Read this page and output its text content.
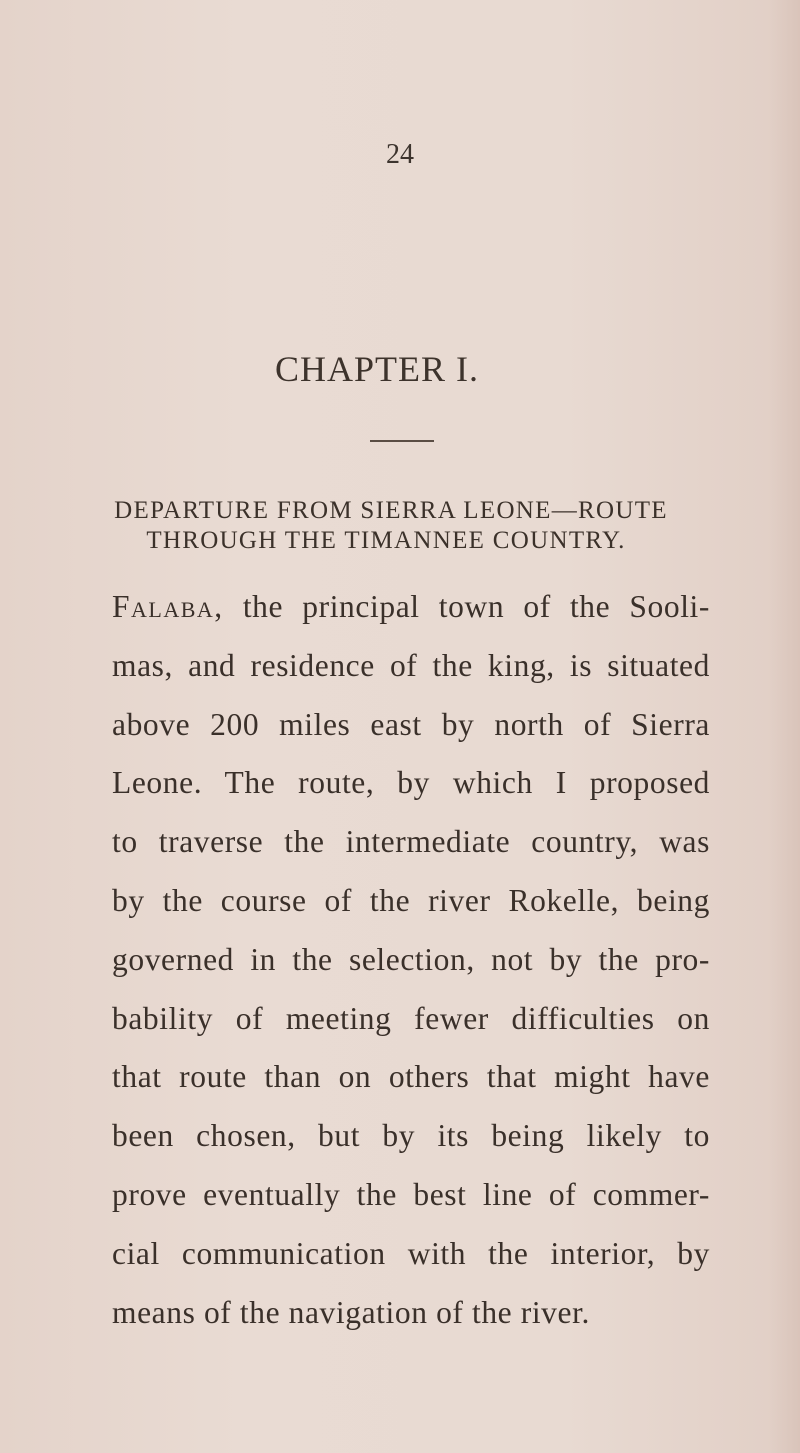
24
CHAPTER I.
DEPARTURE FROM SIERRA LEONE—ROUTE
THROUGH THE TIMANNEE COUNTRY.
Falaba, the principal town of the Sooli-
mas, and residence of the king, is situated
above 200 miles east by north of Sierra
Leone. The route, by which I proposed
to traverse the intermediate country, was
by the course of the river Rokelle, being
governed in the selection, not by the pro-
bability of meeting fewer difficulties on
that route than on others that might have
been chosen, but by its being likely to
prove eventually the best line of commer-
cial communication with the interior, by
means of the navigation of the river.
